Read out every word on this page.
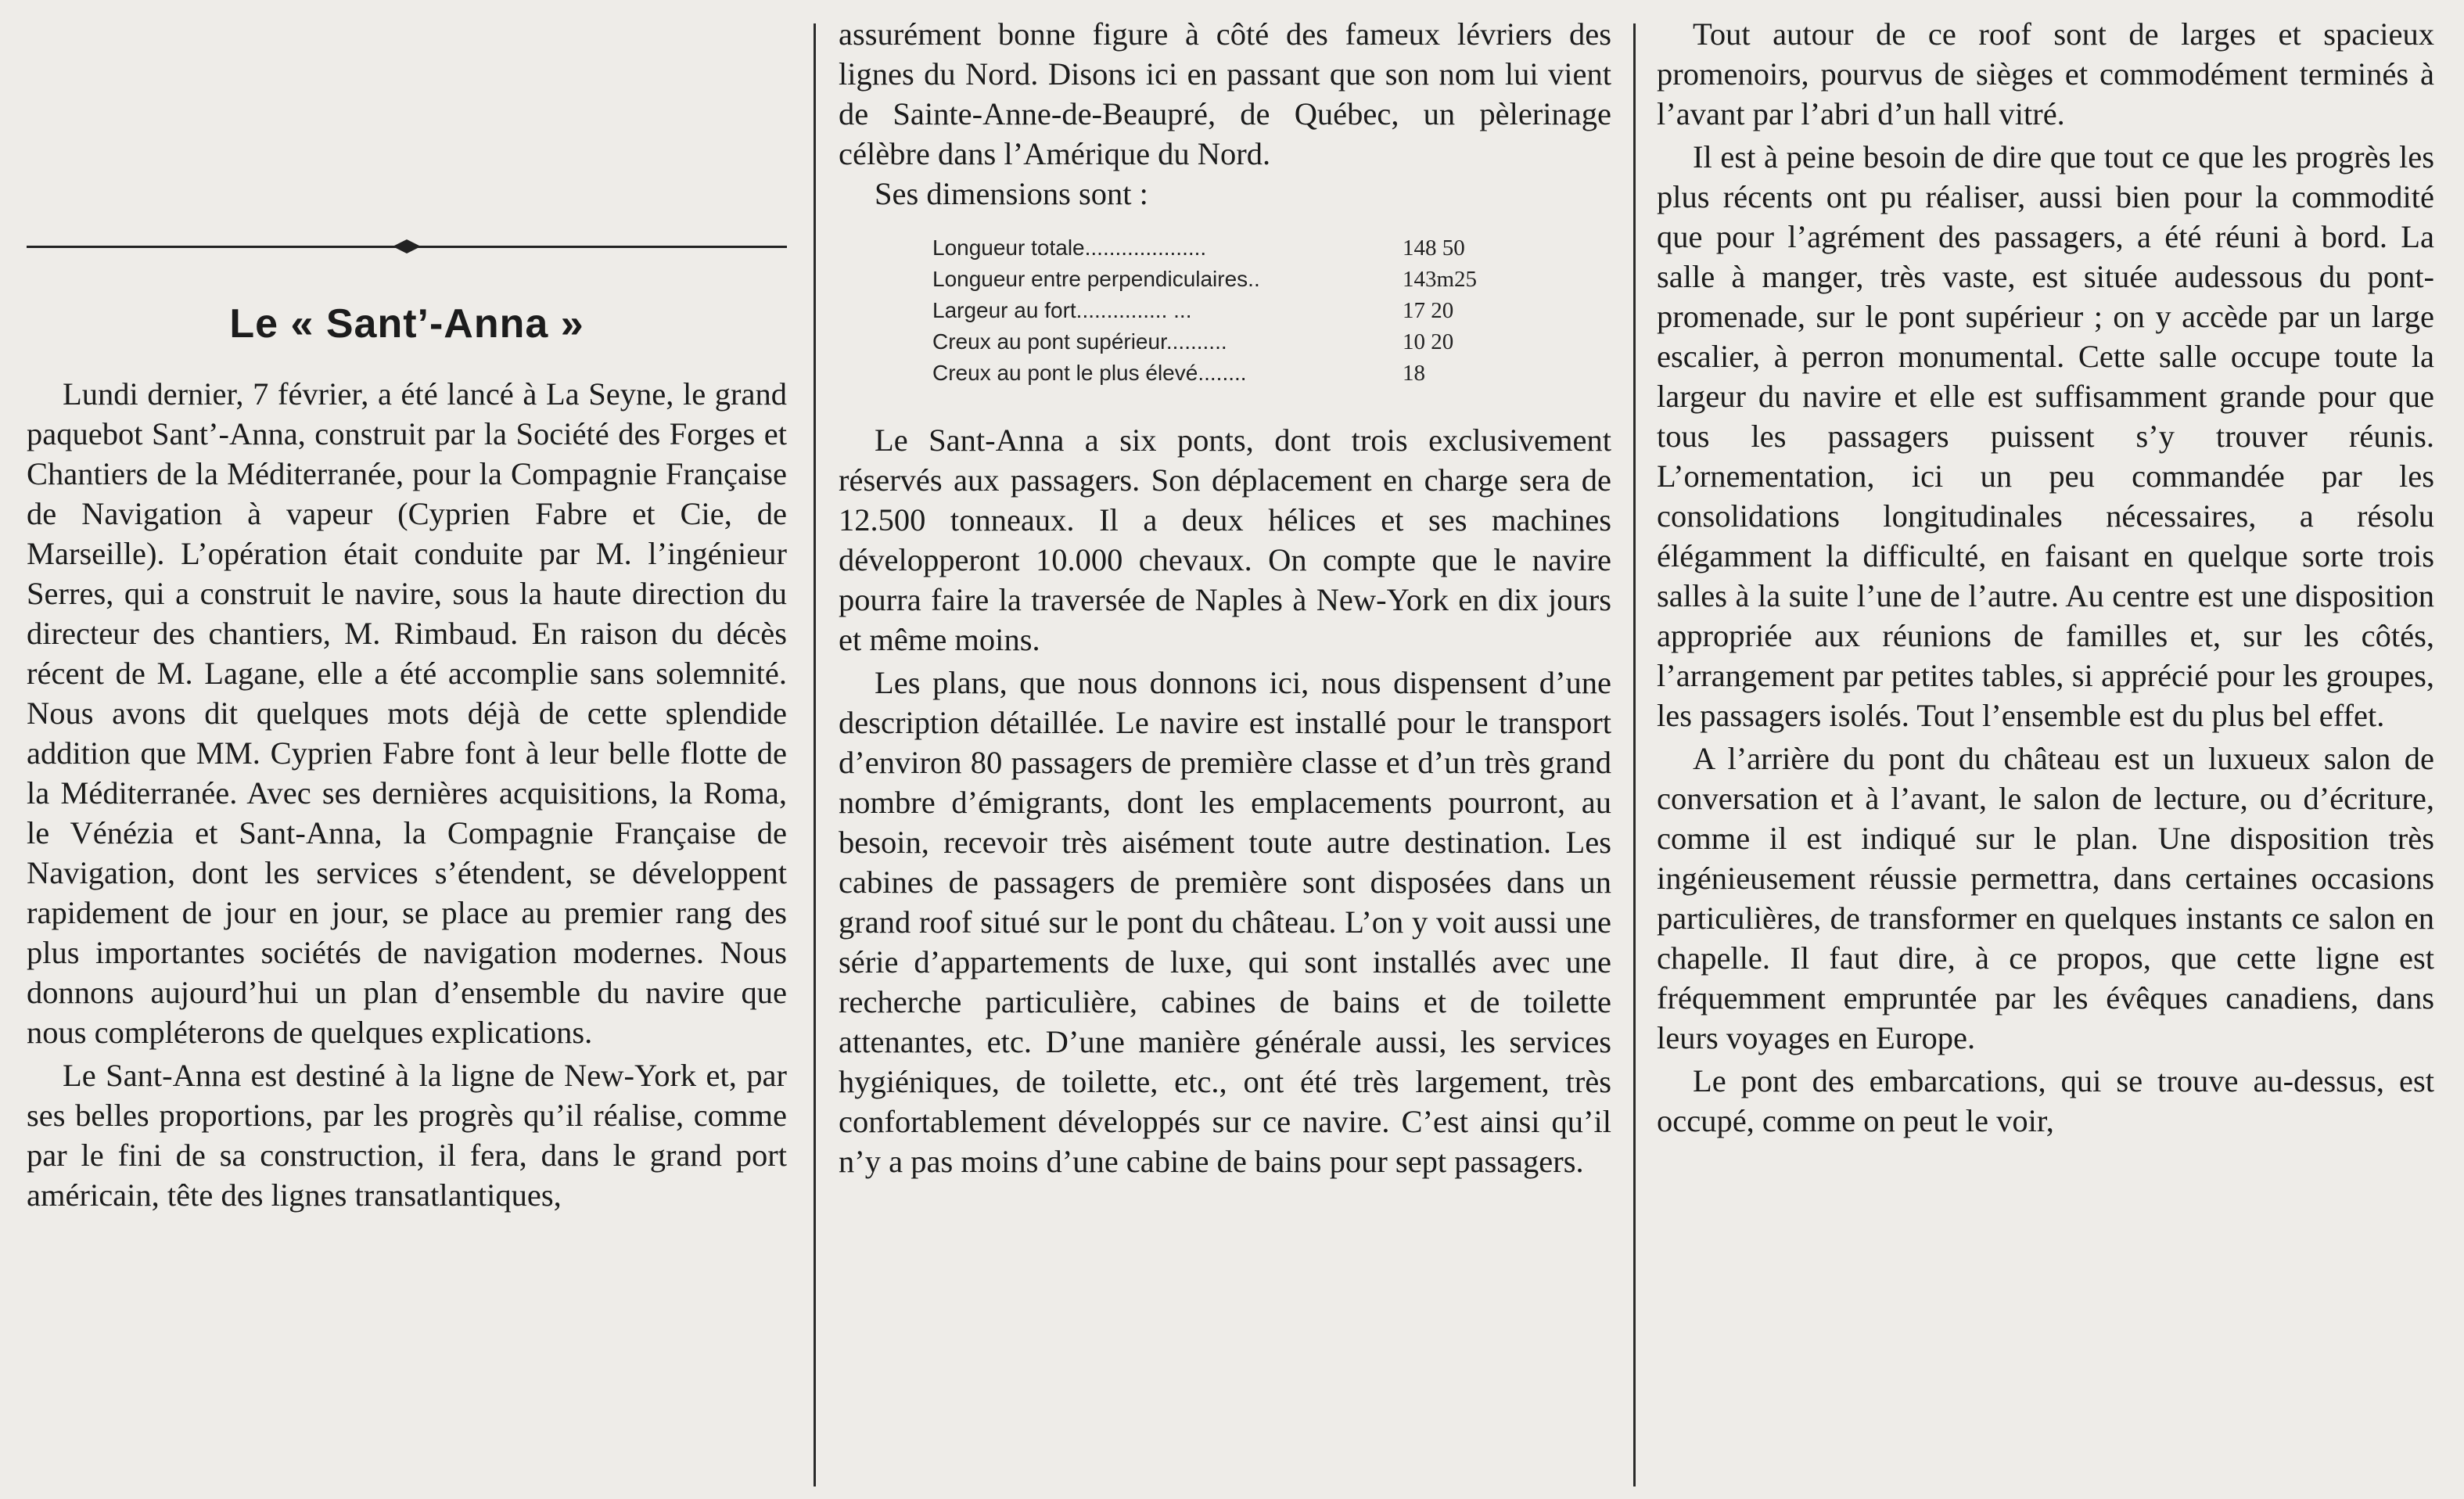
Le « Sant’-Anna »

Lundi dernier, 7 février, a été lancé à La Seyne, le grand paquebot Sant’-Anna, construit par la Société des Forges et Chantiers de la Méditerranée, pour la Compagnie Française de Navigation à vapeur (Cyprien Fabre et Cie, de Marseille). L’opération était conduite par M. l’ingénieur Serres, qui a construit le navire, sous la haute direction du directeur des chantiers, M. Rimbaud. En raison du décès récent de M. Lagane, elle a été accomplie sans solemnité. Nous avons dit quelques mots déjà de cette splendide addition que MM. Cyprien Fabre font à leur belle flotte de la Méditerranée. Avec ses dernières acquisitions, la Roma, le Vénézia et Sant-Anna, la Compagnie Française de Navigation, dont les services s’étendent, se développent rapidement de jour en jour, se place au premier rang des plus importantes sociétés de navigation modernes. Nous donnons aujourd’hui un plan d’ensemble du navire que nous compléterons de quelques explications.

Le Sant-Anna est destiné à la ligne de New-York et, par ses belles proportions, par les progrès qu’il réalise, comme par le fini de sa construction, il fera, dans le grand port américain, tête des lignes transatlantiques,

assurément bonne figure à côté des fameux lévriers des lignes du Nord. Disons ici en passant que son nom lui vient de Sainte-Anne-de-Beaupré, de Québec, un pèlerinage célèbre dans l’Amérique du Nord.

Ses dimensions sont :
Longueur totale....................	148 50
Longueur entre perpendiculaires..	143m25
Largeur au fort............... ...	17 20
Creux au pont supérieur..........	10 20
Creux au pont le plus élevé........	18

Le Sant-Anna a six ponts, dont trois exclusivement réservés aux passagers. Son déplacement en charge sera de 12.500 tonneaux. Il a deux hélices et ses machines développeront 10.000 chevaux. On compte que le navire pourra faire la traversée de Naples à New-York en dix jours et même moins.

Les plans, que nous donnons ici, nous dispensent d’une description détaillée. Le navire est installé pour le transport d’environ 80 passagers de première classe et d’un très grand nombre d’émigrants, dont les emplacements pourront, au besoin, recevoir très aisément toute autre destination. Les cabines de passagers de première sont disposées dans un grand roof situé sur le pont du château. L’on y voit aussi une série d’appartements de luxe, qui sont installés avec une recherche particulière, cabines de bains et de toilette attenantes, etc. D’une manière générale aussi, les services hygiéniques, de toilette, etc., ont été très largement, très confortablement développés sur ce navire. C’est ainsi qu’il n’y a pas moins d’une cabine de bains pour sept passagers.

Tout autour de ce roof sont de larges et spacieux promenoirs, pourvus de sièges et commodément terminés à l’avant par l’abri d’un hall vitré.

Il est à peine besoin de dire que tout ce que les progrès les plus récents ont pu réaliser, aussi bien pour la commodité que pour l’agrément des passagers, a été réuni à bord. La salle à manger, très vaste, est située audessous du pont-promenade, sur le pont supérieur ; on y accède par un large escalier, à perron monumental. Cette salle occupe toute la largeur du navire et elle est suffisamment grande pour que tous les passagers puissent s’y trouver réunis. L’ornementation, ici un peu commandée par les consolidations longitudinales nécessaires, a résolu élégamment la difficulté, en faisant en quelque sorte trois salles à la suite l’une de l’autre. Au centre est une disposition appropriée aux réunions de familles et, sur les côtés, l’arrangement par petites tables, si apprécié pour les groupes, les passagers isolés. Tout l’ensemble est du plus bel effet.

A l’arrière du pont du château est un luxueux salon de conversation et à l’avant, le salon de lecture, ou d’écriture, comme il est indiqué sur le plan. Une disposition très ingénieusement réussie permettra, dans certaines occasions particulières, de transformer en quelques instants ce salon en chapelle. Il faut dire, à ce propos, que cette ligne est fréquemment empruntée par les évêques canadiens, dans leurs voyages en Europe.

Le pont des embarcations, qui se trouve au-dessus, est occupé, comme on peut le voir,
